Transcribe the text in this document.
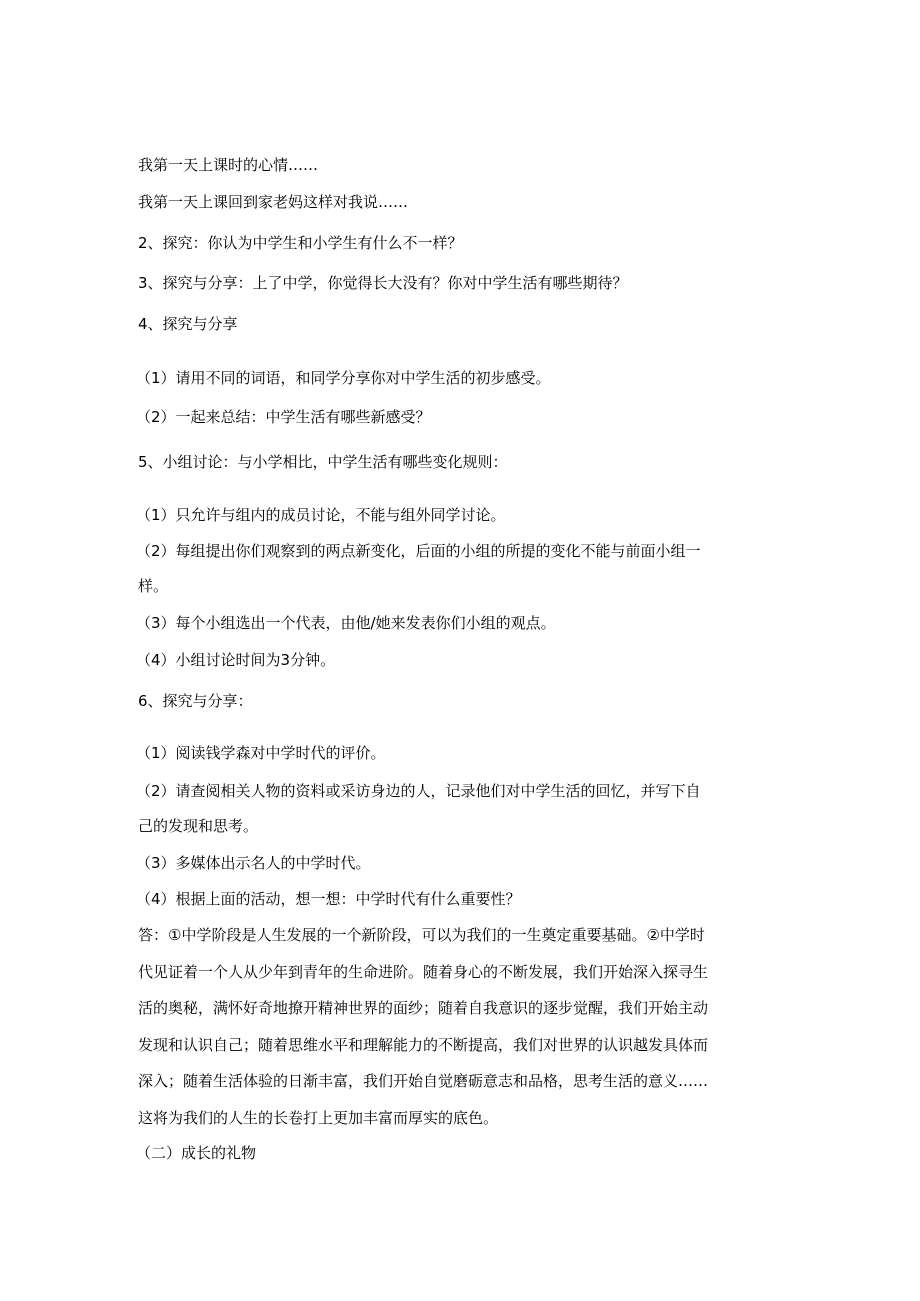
我第一天上课时的心情……
我第一天上课回到家老妈这样对我说……
2、探究：你认为中学生和小学生有什么不一样？
3、探究与分享：上了中学，你觉得长大没有？你对中学生活有哪些期待？
4、探究与分享
（1）请用不同的词语，和同学分享你对中学生活的初步感受。
（2）一起来总结：中学生活有哪些新感受？
5、小组讨论：与小学相比，中学生活有哪些变化规则：
（1）只允许与组内的成员讨论，不能与组外同学讨论。
（2）每组提出你们观察到的两点新变化，后面的小组的所提的变化不能与前面小组一
样。
（3）每个小组选出一个代表，由他/她来发表你们小组的观点。
（4）小组讨论时间为3分钟。
6、探究与分享：
（1）阅读钱学森对中学时代的评价。
（2）请查阅相关人物的资料或采访身边的人，记录他们对中学生活的回忆，并写下自
己的发现和思考。
（3）多媒体出示名人的中学时代。
（4）根据上面的活动，想一想：中学时代有什么重要性？
答：①中学阶段是人生发展的一个新阶段，可以为我们的一生奠定重要基础。②中学时
代见证着一个人从少年到青年的生命进阶。随着身心的不断发展，我们开始深入探寻生
活的奥秘，满怀好奇地撩开精神世界的面纱；随着自我意识的逐步觉醒，我们开始主动
发现和认识自己；随着思维水平和理解能力的不断提高，我们对世界的认识越发具体而
深入；随着生活体验的日渐丰富，我们开始自觉磨砺意志和品格，思考生活的意义……
这将为我们的人生的长卷打上更加丰富而厚实的底色。
（二）成长的礼物
